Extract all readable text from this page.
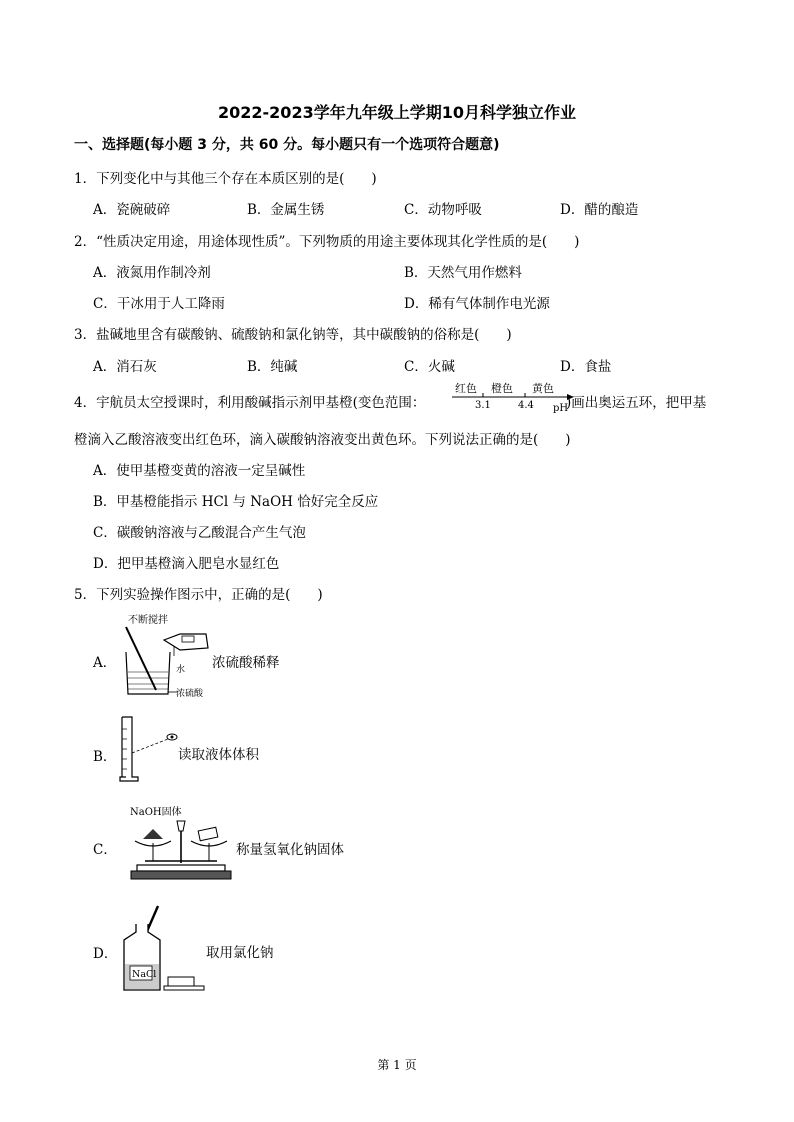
2022-2023学年九年级上学期10月科学独立作业
一、选择题(每小题 3 分，共 60 分。每小题只有一个选项符合题意)
1．下列变化中与其他三个存在本质区别的是(　　)
A．瓷碗破碎	B．金属生锈	C．动物呼吸	D．醋的酿造
2．“性质决定用途，用途体现性质”。下列物质的用途主要体现其化学性质的是(　　)
A．液氮用作制冷剂	B．天然气用作燃料
C．干冰用于人工降雨	D．稀有气体制作电光源
3．盐碱地里含有碳酸钠、硫酸钠和氯化钠等，其中碳酸钠的俗称是(　　)
A．消石灰	B．纯碱	C．火碱	D．食盐
4．宇航员太空授课时，利用酸碱指示剂甲基橙(变色范围：
红色 橙色 黄色
3.1	4.4 pH
)画出奥运五环，把甲基
橙滴入乙酸溶液变出红色环，滴入碳酸钠溶液变出黄色环。下列说法正确的是(　　)
A．使甲基橙变黄的溶液一定呈碱性
B．甲基橙能指示 HCl 与 NaOH 恰好完全反应
C．碳酸钠溶液与乙酸混合产生气泡
D．把甲基橙滴入肥皂水显红色
5．下列实验操作图示中，正确的是(　　)
A．
不断搅拌
水
浓硫酸
浓硫酸稀释
B．	读取液体体积
C．
NaOH固体
称量氢氧化钠固体
D．
NaCl
取用氯化钠
第 1 页
